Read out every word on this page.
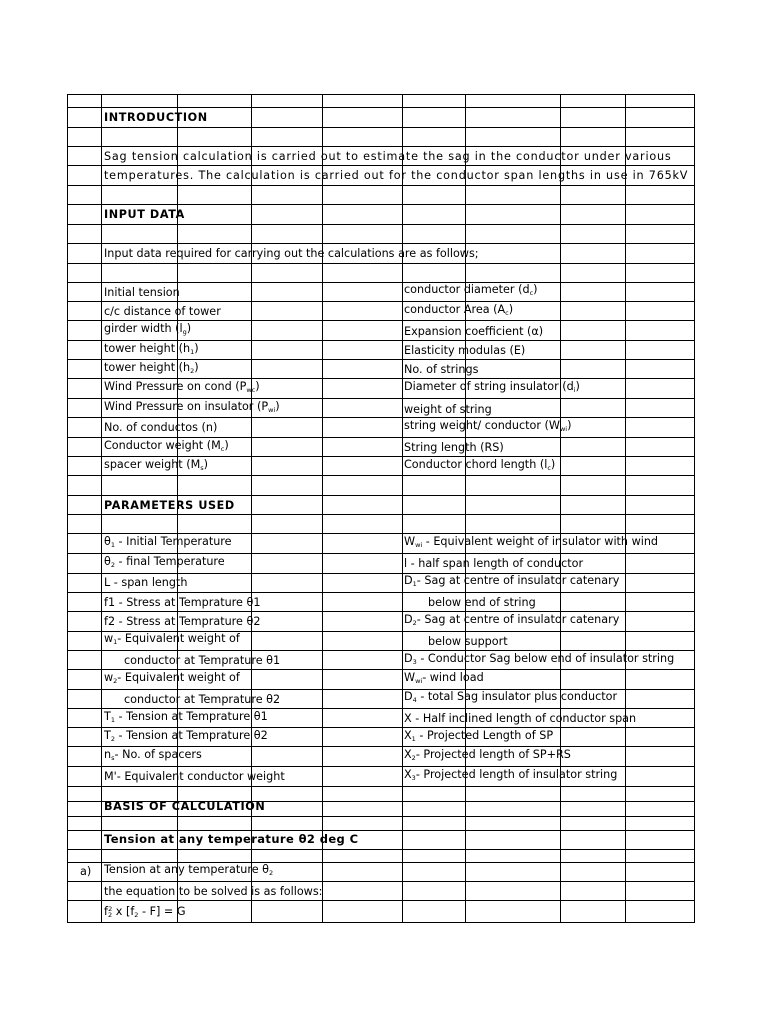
INTRODUCTION
Sag tension calculation is carried out to estimate the sag in the conductor under various
temperatures. The calculation is carried out for the conductor span lengths in use in 765kV
INPUT DATA
Input data required for carrying out the calculations are as follows;
Initial tension
c/c distance of tower
girder width $(l_g)$
tower height $(h_1)$
tower height $(h_2)$
Wind Pressure on cond $(P_{wc})$
Wind Pressure on insulator $(P_{wi})$
No. of conductos (n)
Conductor weight $(M_c)$
spacer weight $(M_s)$
conductor diameter $(d_c)$
conductor Area $(A_c)$
Expansion coefficient (α)
Elasticity modulas (E)
No. of strings
Diameter of string insulator $(d_i)$
weight of string
string weight/ conductor $(W_{wi})$
String length (RS)
Conductor chord length $(l_c)$
PARAMETERS USED
$\theta_1$ - Initial Temperature
$\theta_2$ - final Temperature
L - span length
f1 - Stress at Temprature θ1
f2 - Stress at Temprature θ2
$w_1-$ Equivalent weight of
conductor at Temprature θ1
$w_2-$ Equivalent weight of
conductor at Temprature θ2
$T_1$ - Tension at Temprature θ1
$T_2$ - Tension at Temprature θ2
$n_s-$ No. of spacers
M'- Equivalent conductor weight
$W_{wi}$ - Equivalent weight of insulator with wind
l - half span length of conductor
$D_1-$ Sag at centre of insulator catenary
below end of string
$D_2-$ Sag at centre of insulator catenary
below support
$D_3$ - Conductor Sag below end of insulator string
$W_{wi}-$ wind load
$D_4$ - total Sag insulator plus conductor
X - Half inclined length of conductor span
$X_1$ - Projected Length of SP
$X_2-$ Projected length of SP+RS
$X_3-$ Projected length of insulator string
BASIS OF CALCULATION
Tension at any temperature θ2 deg C
a) Tension at any temperature $\theta_2$
the equation to be solved is as follows:
$f_2^2$ x $[f_2 - F] = G$
